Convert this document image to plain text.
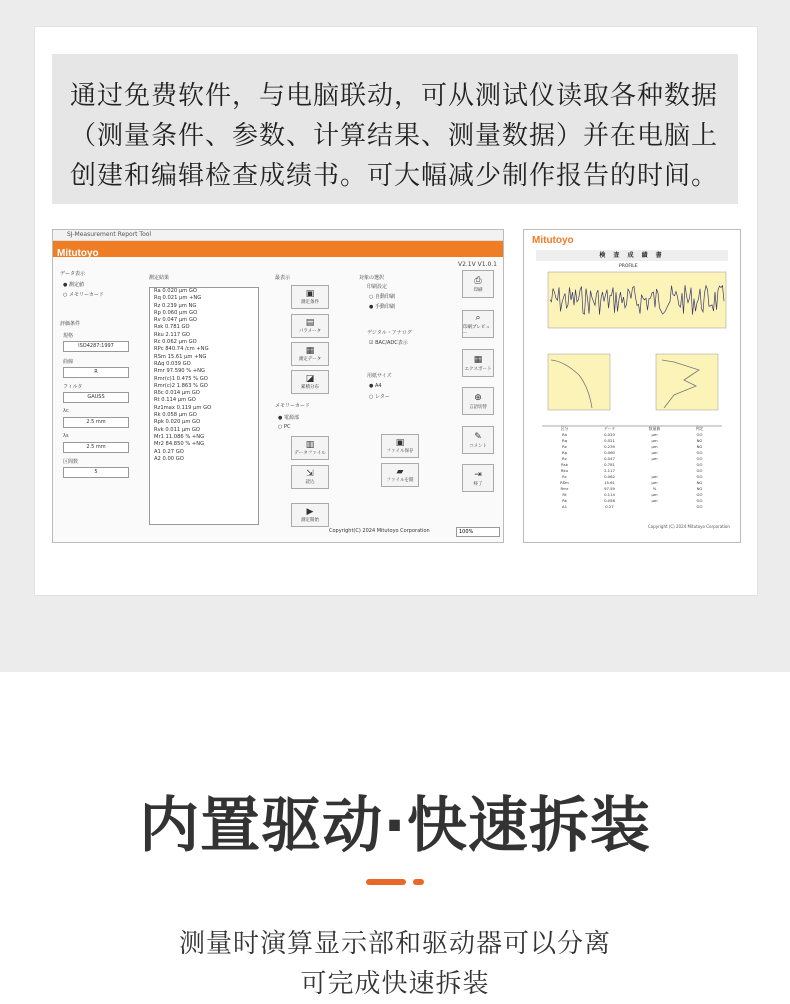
通过免费软件，与电脑联动，可从测试仪读取各种数据
（测量条件、参数、计算结果、测量数据）并在电脑上
创建和编辑检查成绩书。可大幅减少制作报告的时间。

SJ-Measurement Report Tool
Mitutoyo
V2.1V V1.0.1
データ表示
● 測定値
○ メモリーカード
評価条件
規格
ISO4287:1997
曲線
R
フィルタ
GAUSS
λc
2.5 mm
λs
2.5 mm
区間数
5
測定結果
Ra 0.020 μm GO
Rq 0.021 μm +NG
Rz 0.239 μm NG
Rp 0.060 μm GO
Rv 0.047 μm GO
Rsk 0.781 GO
Rku 2.117 GO
Rc 0.062 μm GO
RPc 840.74 /cm +NG
RSm 15.61 μm +NG
RΔq 0.039 GO
Rmr 97.590 % +NG
Rmr(c)1 0.475 % GO
Rmr(c)2 1.863 % GO
Rδc 0.014 μm GO
Rt 0.114 μm GO
Rz1max 0.119 μm GO
Rk 0.058 μm GO
Rpk 0.020 μm GO
Rvk 0.011 μm GO
Mr1 11.086 % +NG
Mr2 84.850 % +NG
A1 0.27 GO
A2 0.00 GO
最表示
▣
測定条件
▤
パラメータ
▦
測定データ
◪
累積分布
メモリーカード
● 電源部
○ PC
▥
データファイル
⇲
読込
▶
測定開始
対象の選択
印刷設定
○ 自動印刷
● 手動印刷
デジタル・アナログ
☑ BAC/ADC表示
用紙サイズ
● A4
○ レター
▣
ファイル保存
▰
ファイルを開
⎙
印刷
⌕
印刷プレビュー
▦
エクスポート
⊕
言語切替
✎
コメント
⇥
終了
Copyright(C) 2024 Mitutoyo Corporation	100%
Mitutoyo
検 査 成 績 書
PROFILE
区分	データ	数量値	判定
Ra	0.020	μm	GO
Rq	0.021	μm	NG
Rz	0.239	μm	NG
Rp	0.060	μm	GO
Rv	0.047	μm	GO
Rsk	0.781	GO
Rku	2.117	GO
Rc	0.062	μm	GO
RSm	15.61	μm	NG
Rmr	97.59	%	NG
Rt	0.114	μm	GO
Rk	0.058	μm	GO
A1	0.27	GO
Copyright (C) 2024 Mitutoyo Corporation
内置驱动·快速拆装
测量时演算显示部和驱动器可以分离
可完成快速拆装
